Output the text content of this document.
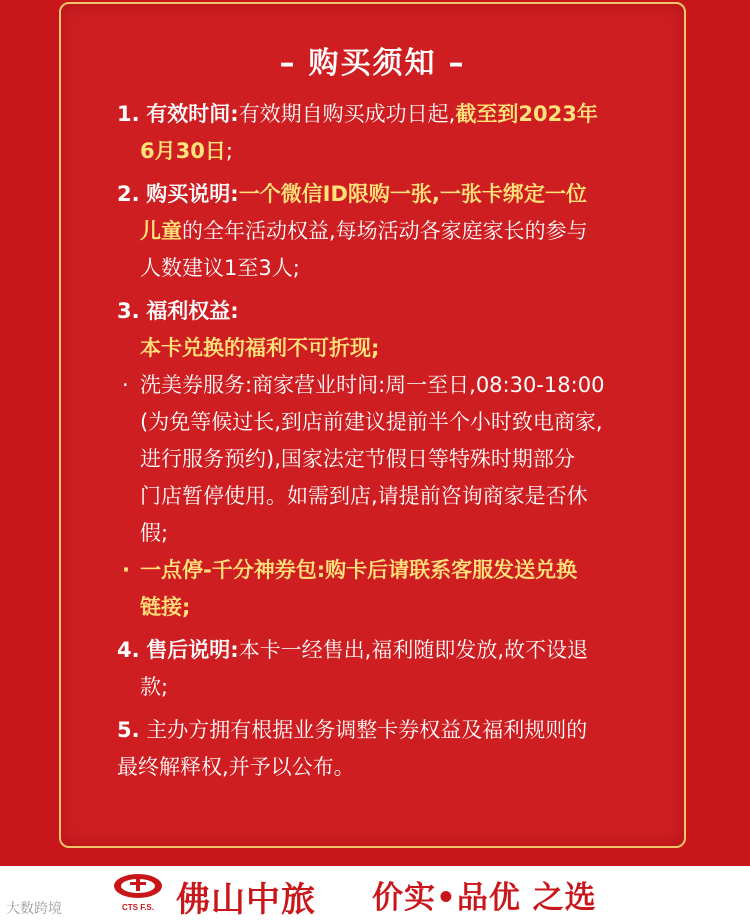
– 购买须知 –
1. 有效时间:有效期自购买成功日起,截至到2023年
6月30日;
2. 购买说明:一个微信ID限购一张,一张卡绑定一位
儿童的全年活动权益,每场活动各家庭家长的参与
人数建议1至3人;
3. 福利权益:
本卡兑换的福利不可折现;
· 洗美券服务:商家营业时间:周一至日,08:30-18:00
(为免等候过长,到店前建议提前半个小时致电商家,
进行服务预约),国家法定节假日等特殊时期部分
门店暂停使用。如需到店,请提前咨询商家是否休
假;
· 一点停-千分神券包:购卡后请联系客服发送兑换
链接;
4. 售后说明:本卡一经售出,福利随即发放,故不设退
款;
5. 主办方拥有根据业务调整卡券权益及福利规则的
最终解释权,并予以公布。
CTS F.S. 佛山中旅 价实•品优 之选
大数跨境
